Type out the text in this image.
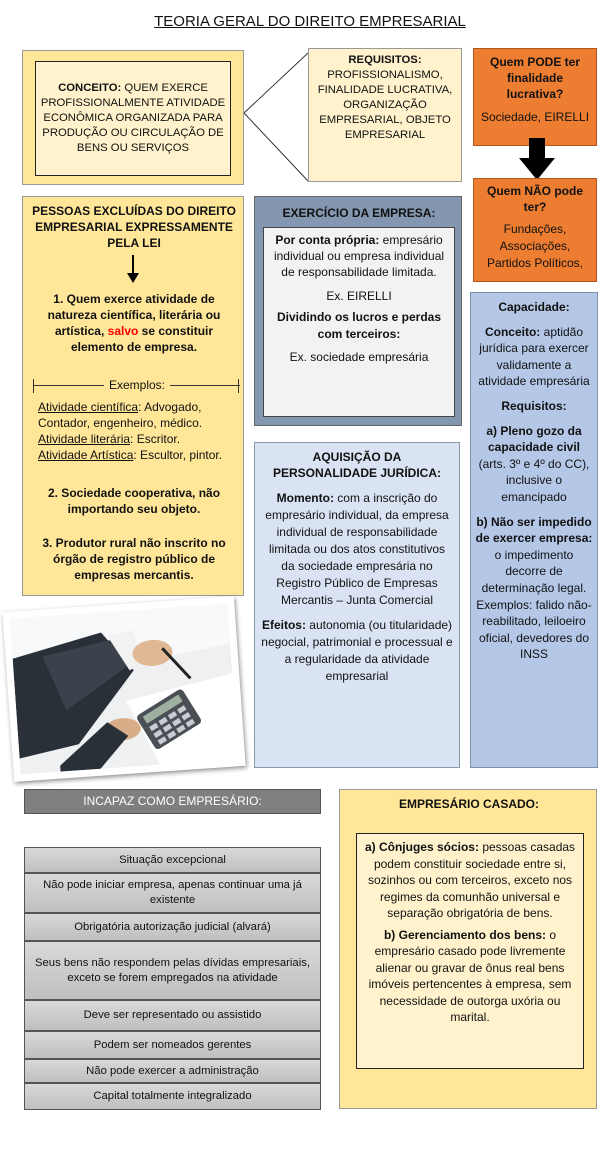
TEORIA GERAL DO DIREITO EMPRESARIAL
CONCEITO: QUEM EXERCE PROFISSIONALMENTE ATIVIDADE ECONÔMICA ORGANIZADA PARA PRODUÇÃO OU CIRCULAÇÃO DE BENS OU SERVIÇOS
REQUISITOS:
PROFISSIONALISMO, FINALIDADE LUCRATIVA, ORGANIZAÇÃO EMPRESARIAL, OBJETO EMPRESARIAL
Quem PODE ter finalidade lucrativa?
Sociedade, EIRELLI
Quem NÃO pode ter?
Fundações, Associações, Partidos Políticos,
PESSOAS EXCLUÍDAS DO DIREITO EMPRESARIAL EXPRESSAMENTE PELA LEI
1. Quem exerce atividade de natureza científica, literária ou artística, salvo se constituir elemento de empresa.
Exemplos:

Atividade científica: Advogado, Contador, engenheiro, médico.

Atividade literária: Escritor.

Atividade Artística: Escultor, pintor.

2. Sociedade cooperativa, não importando seu objeto.
3. Produtor rural não inscrito no órgão de registro público de empresas mercantis.
EXERCÍCIO DA EMPRESA:

Por conta própria: empresário individual ou empresa individual de responsabilidade limitada.

Ex. EIRELLI

Dividindo os lucros e perdas com terceiros:

Ex. sociedade empresária

AQUISIÇÃO DA PERSONALIDADE JURÍDICA:

Momento: com a inscrição do empresário individual, da empresa individual de responsabilidade limitada ou dos atos constitutivos da sociedade empresária no Registro Público de Empresas Mercantis – Junta Comercial

Efeitos: autonomia (ou titularidade) negocial, patrimonial e processual e a regularidade da atividade empresarial

Capacidade:

Conceito: aptidão jurídica para exercer validamente a atividade empresária

Requisitos:

a) Pleno gozo da capacidade civil (arts. 3º e 4º do CC), inclusive o emancipado

b) Não ser impedido de exercer empresa: o impedimento decorre de determinação legal. Exemplos: falido não-reabilitado, leiloeiro oficial, devedores do INSS

INCAPAZ COMO EMPRESÁRIO:
Situação excepcional
Não pode iniciar empresa, apenas continuar uma já existente
Obrigatória autorização judicial (alvará)
Seus bens não respondem pelas dívidas empresariais, exceto se forem empregados na atividade
Deve ser representado ou assistido
Podem ser nomeados gerentes
Não pode exercer a administração
Capital totalmente integralizado
EMPRESÁRIO CASADO:

a) Cônjuges sócios: pessoas casadas podem constituir sociedade entre si, sozinhos ou com terceiros, exceto nos regimes da comunhão universal e separação obrigatória de bens.

b) Gerenciamento dos bens: o empresário casado pode livremente alienar ou gravar de ônus real bens imóveis pertencentes à empresa, sem necessidade de outorga uxória ou marital.
